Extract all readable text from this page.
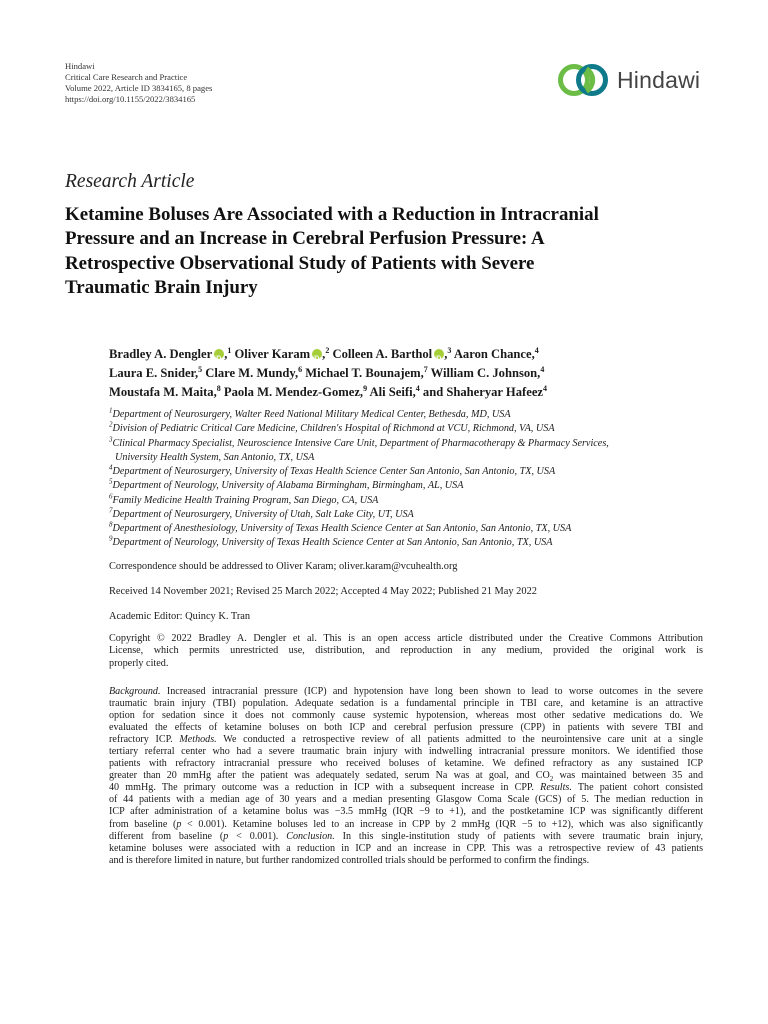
Hindawi
Critical Care Research and Practice
Volume 2022, Article ID 3834165, 8 pages
https://doi.org/10.1155/2022/3834165
Hindawi
Research Article
Ketamine Boluses Are Associated with a Reduction in Intracranial
Pressure and an Increase in Cerebral Perfusion Pressure: A
Retrospective Observational Study of Patients with Severe
Traumatic Brain Injury
Bradley A. Dengler iD ,$^1$ Oliver Karam iD ,$^2$ Colleen A. Barthol iD ,$^3$ Aaron Chance,$^4$
Laura E. Snider,$^5$ Clare M. Mundy,$^6$ Michael T. Bounajem,$^7$ William C. Johnson,$^4$
Moustafa M. Maita,$^8$ Paola M. Mendez-Gomez,$^9$ Ali Seifi,$^4$ and Shaheryar Hafeez$^4$
$^1$Department of Neurosurgery, Walter Reed National Military Medical Center, Bethesda, MD, USA
$^2$Division of Pediatric Critical Care Medicine, Children's Hospital of Richmond at VCU, Richmond, VA, USA
$^3$Clinical Pharmacy Specialist, Neuroscience Intensive Care Unit, Department of Pharmacotherapy & Pharmacy Services,
University Health System, San Antonio, TX, USA
$^4$Department of Neurosurgery, University of Texas Health Science Center San Antonio, San Antonio, TX, USA
$^5$Department of Neurology, University of Alabama Birmingham, Birmingham, AL, USA
$^6$Family Medicine Health Training Program, San Diego, CA, USA
$^7$Department of Neurosurgery, University of Utah, Salt Lake City, UT, USA
$^8$Department of Anesthesiology, University of Texas Health Science Center at San Antonio, San Antonio, TX, USA
$^9$Department of Neurology, University of Texas Health Science Center at San Antonio, San Antonio, TX, USA
Correspondence should be addressed to Oliver Karam; oliver.karam@vcuhealth.org
Received 14 November 2021; Revised 25 March 2022; Accepted 4 May 2022; Published 21 May 2022
Academic Editor: Quincy K. Tran
Copyright © 2022 Bradley A. Dengler et al. This is an open access article distributed under the Creative Commons Attribution
License, which permits unrestricted use, distribution, and reproduction in any medium, provided the original work is
properly cited.
Background. Increased intracranial pressure (ICP) and hypotension have long been shown to lead to worse outcomes in the severe
traumatic brain injury (TBI) population. Adequate sedation is a fundamental principle in TBI care, and ketamine is an attractive
option for sedation since it does not commonly cause systemic hypotension, whereas most other sedative medications do. We
evaluated the effects of ketamine boluses on both ICP and cerebral perfusion pressure (CPP) in patients with severe TBI and
refractory ICP. Methods. We conducted a retrospective review of all patients admitted to the neurointensive care unit at a single
tertiary referral center who had a severe traumatic brain injury with indwelling intracranial pressure monitors. We identified those
patients with refractory intracranial pressure who received boluses of ketamine. We defined refractory as any sustained ICP
greater than 20 mmHg after the patient was adequately sedated, serum Na was at goal, and $CO_2$ was maintained between 35 and
40 mmHg. The primary outcome was a reduction in ICP with a subsequent increase in CPP. Results. The patient cohort consisted
of 44 patients with a median age of 30 years and a median presenting Glasgow Coma Scale (GCS) of 5. The median reduction in
ICP after administration of a ketamine bolus was −3.5 mmHg (IQR −9 to +1), and the postketamine ICP was significantly different
from baseline (p < 0.001). Ketamine boluses led to an increase in CPP by 2 mmHg (IQR −5 to +12), which was also significantly
different from baseline (p < 0.001). Conclusion. In this single-institution study of patients with severe traumatic brain injury,
ketamine boluses were associated with a reduction in ICP and an increase in CPP. This was a retrospective review of 43 patients
and is therefore limited in nature, but further randomized controlled trials should be performed to confirm the findings.
